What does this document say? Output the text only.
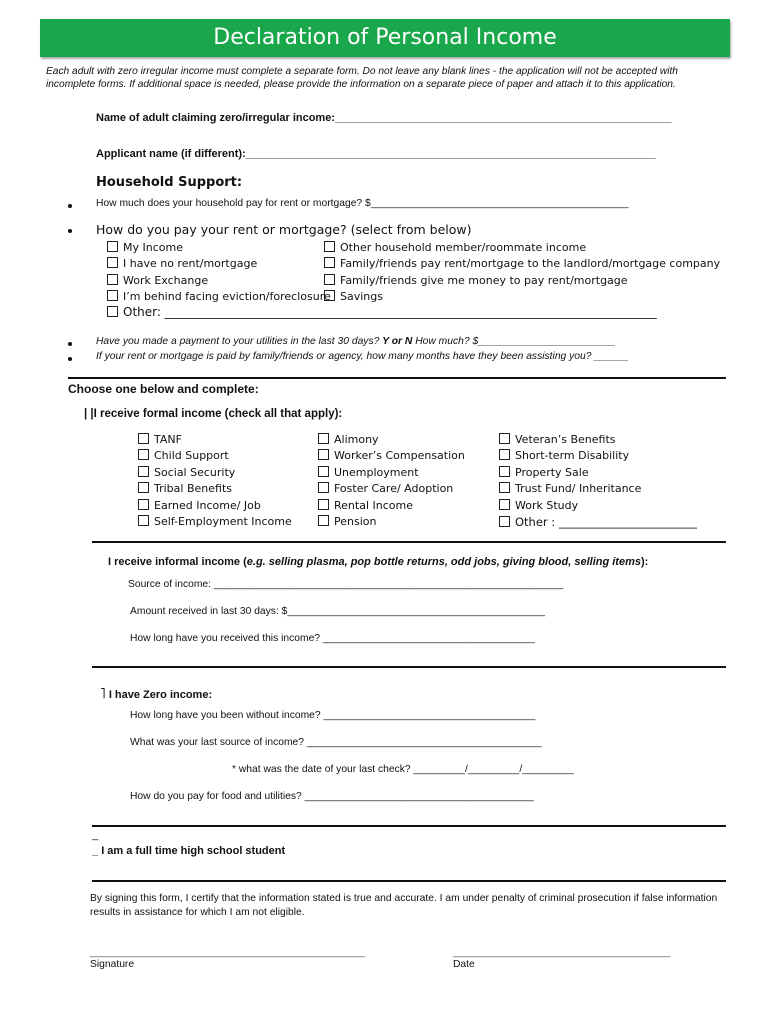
Declaration of Personal Income
Each adult with zero irregular income must complete a separate form. Do not leave any blank lines - the application will not be accepted with incomplete forms. If additional space is needed, please provide the information on a separate piece of paper and attach it to this application.
Name of adult claiming zero/irregular income:_______________________________________________________
Applicant name (if different):___________________________________________________________________
Household Support:
How much does your household pay for rent or mortgage? $_____________________________________________
How do you pay your rent or mortgage? (select from below)
My Income
I have no rent/mortgage
Work Exchange
I’m behind facing eviction/foreclosure
Other household member/roommate income
Family/friends pay rent/mortgage to the landlord/mortgage company
Family/friends give me money to pay rent/mortgage
Savings
Other: __________________________________________________________________________________
Have you made a payment to your utilities in the last 30 days? Y or N How much? $________________________
If your rent or mortgage is paid by family/friends or agency, how many months have they been assisting you? ______
Choose one below and complete:
| |I receive formal income (check all that apply):
TANF
Child Support
Social Security
Tribal Benefits
Earned Income/ Job
Self-Employment Income
Alimony
Worker’s Compensation
Unemployment
Foster Care/ Adoption
Rental Income
Pension
Veteran’s Benefits
Short-term Disability
Property Sale
Trust Fund/ Inheritance
Work Study
Other : ________________________
I receive informal income (e.g. selling plasma, pop bottle returns, odd jobs, giving blood, selling items):
Source of income: _____________________________________________________________
Amount received in last 30 days: $_____________________________________________
How long have you received this income? _____________________________________
˥ I have Zero income:
How long have you been without income? _____________________________________
What was your last source of income? _________________________________________
* what was the date of your last check? _________/_________/_________
How do you pay for food and utilities? ________________________________________
_
_ I am a full time high school student
By signing this form, I certify that the information stated is true and accurate. I am under penalty of criminal prosecution if false information results in assistance for which I am not eligible.
________________________________________________
Signature
______________________________________
Date
